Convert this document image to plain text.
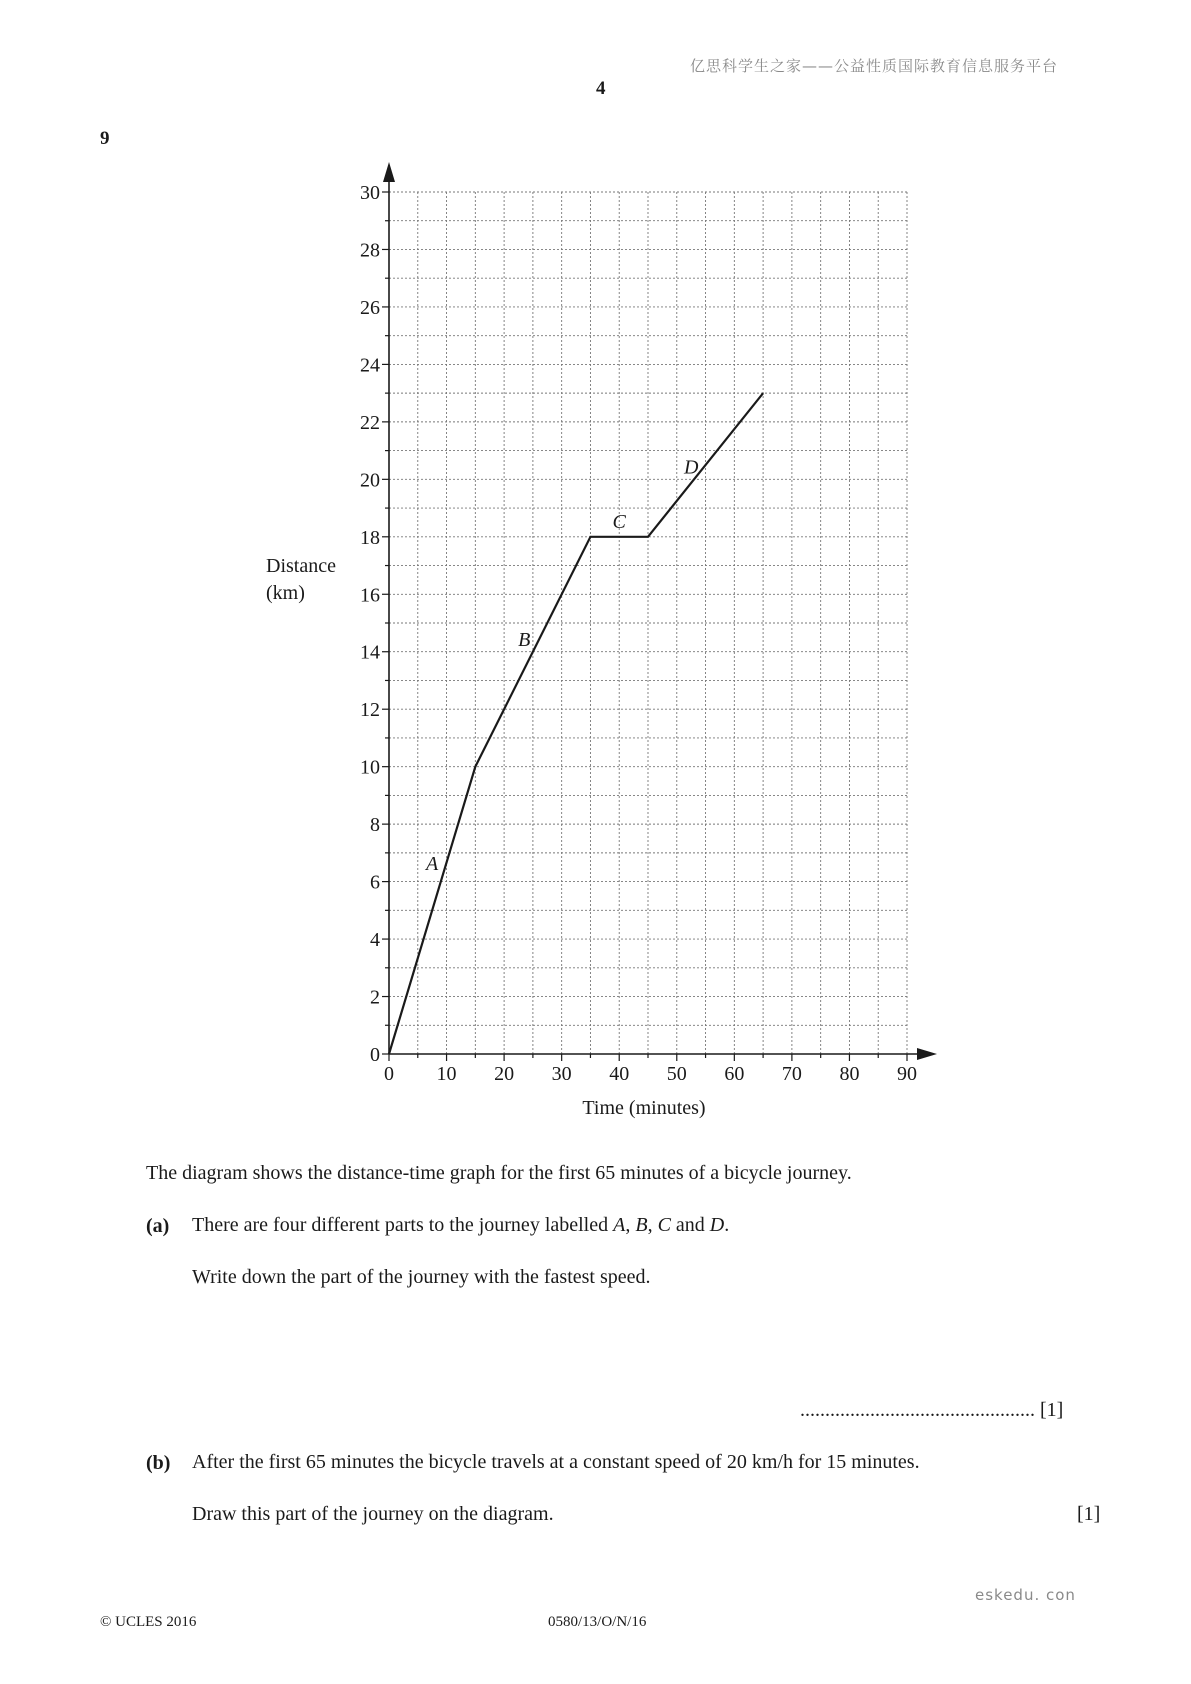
亿思科学生之家——公益性质国际教育信息服务平台
4
9
0
2
4
6
8
10
12
14
16
18
20
22
24
26
28
30
0 10 20 30 40 50 60 70 80 90
A
B
C
D
Time (minutes)
Distance
(km)
The diagram shows the distance-time graph for the first 65 minutes of a bicycle journey.
(a) There are four different parts to the journey labelled A, B, C and D.
Write down the part of the journey with the fastest speed.
............................................... [1]
(b) After the first 65 minutes the bicycle travels at a constant speed of 20 km/h for 15 minutes.
Draw this part of the journey on the diagram.	[1]
eskedu. con
© UCLES 2016	0580/13/O/N/16
